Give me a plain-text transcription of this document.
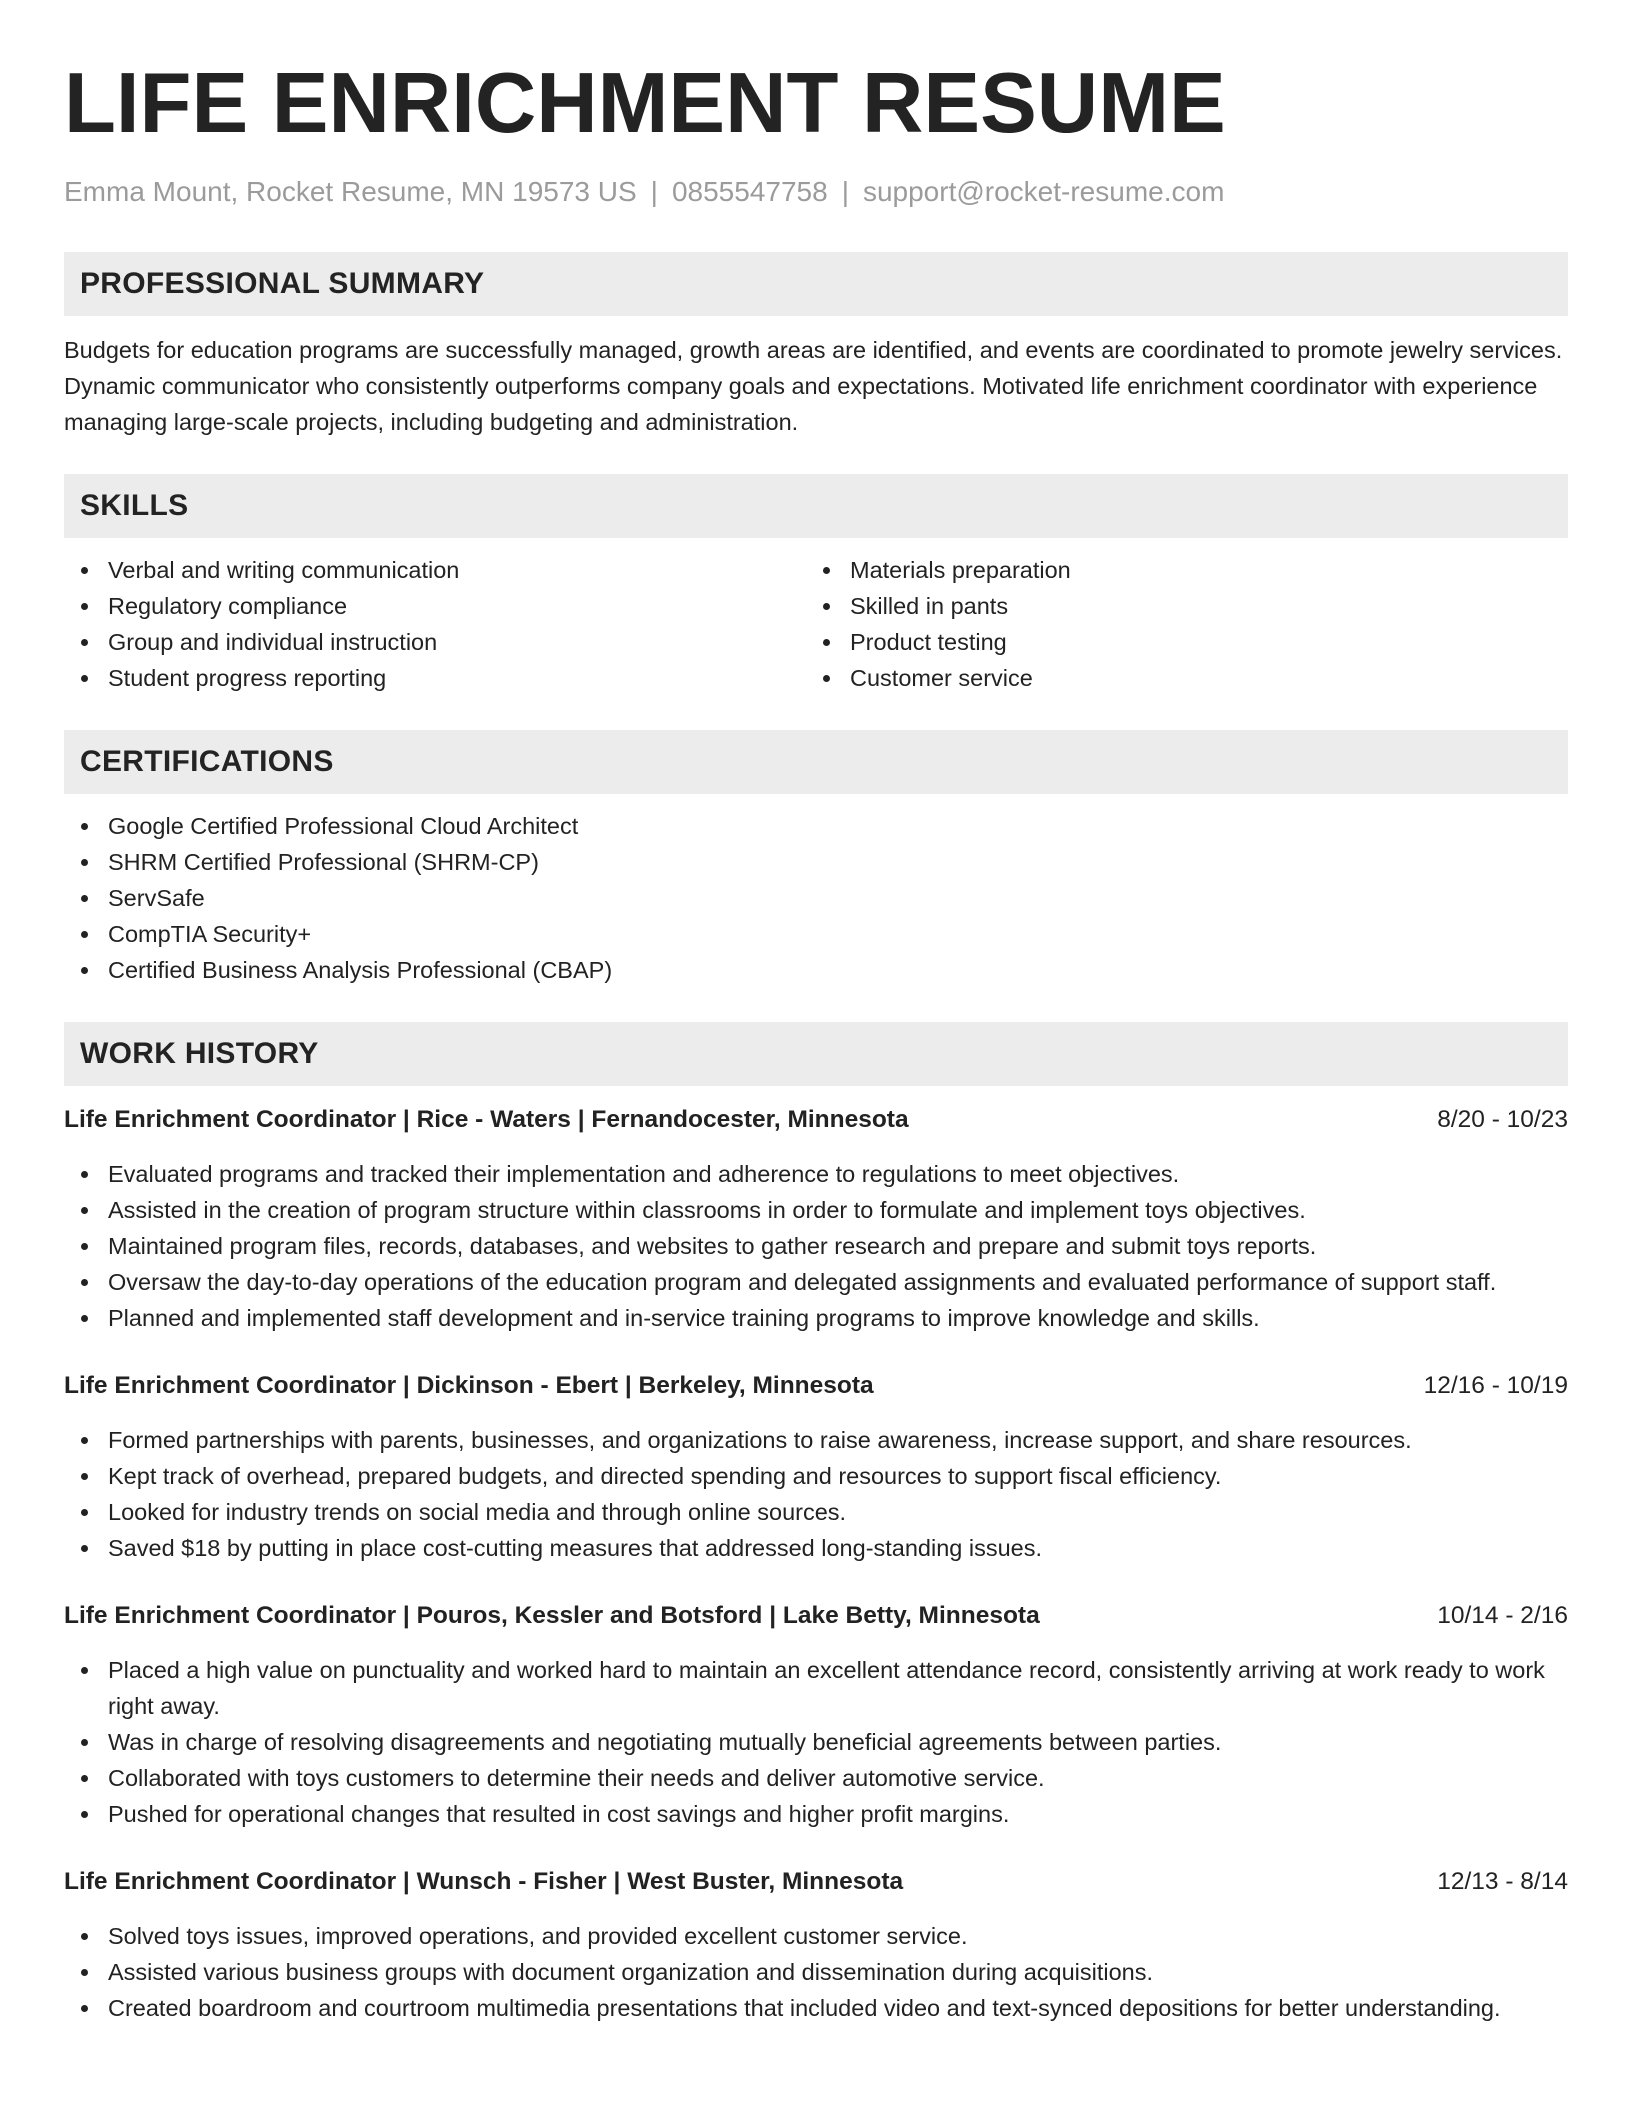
LIFE ENRICHMENT RESUME
Emma Mount, Rocket Resume, MN 19573 US | 0855547758 | support@rocket-resume.com
PROFESSIONAL SUMMARY

Budgets for education programs are successfully managed, growth areas are identified, and events are coordinated to promote jewelry services. Dynamic communicator who consistently outperforms company goals and expectations. Motivated life enrichment coordinator with experience managing large-scale projects, including budgeting and administration.

SKILLS
Verbal and writing communication
Regulatory compliance
Group and individual instruction
Student progress reporting
Materials preparation
Skilled in pants
Product testing
Customer service
CERTIFICATIONS
Google Certified Professional Cloud Architect
SHRM Certified Professional (SHRM-CP)
ServSafe
CompTIA Security+
Certified Business Analysis Professional (CBAP)
WORK HISTORY
Life Enrichment Coordinator | Rice - Waters | Fernandocester, Minnesota	8/20 - 10/23
Evaluated programs and tracked their implementation and adherence to regulations to meet objectives.
Assisted in the creation of program structure within classrooms in order to formulate and implement toys objectives.
Maintained program files, records, databases, and websites to gather research and prepare and submit toys reports.
Oversaw the day-to-day operations of the education program and delegated assignments and evaluated performance of support staff.
Planned and implemented staff development and in-service training programs to improve knowledge and skills.
Life Enrichment Coordinator | Dickinson - Ebert | Berkeley, Minnesota	12/16 - 10/19
Formed partnerships with parents, businesses, and organizations to raise awareness, increase support, and share resources.
Kept track of overhead, prepared budgets, and directed spending and resources to support fiscal efficiency.
Looked for industry trends on social media and through online sources.
Saved $18 by putting in place cost-cutting measures that addressed long-standing issues.
Life Enrichment Coordinator | Pouros, Kessler and Botsford | Lake Betty, Minnesota	10/14 - 2/16
Placed a high value on punctuality and worked hard to maintain an excellent attendance record, consistently arriving at work ready to work right away.
Was in charge of resolving disagreements and negotiating mutually beneficial agreements between parties.
Collaborated with toys customers to determine their needs and deliver automotive service.
Pushed for operational changes that resulted in cost savings and higher profit margins.
Life Enrichment Coordinator | Wunsch - Fisher | West Buster, Minnesota	12/13 - 8/14
Solved toys issues, improved operations, and provided excellent customer service.
Assisted various business groups with document organization and dissemination during acquisitions.
Created boardroom and courtroom multimedia presentations that included video and text-synced depositions for better understanding.
